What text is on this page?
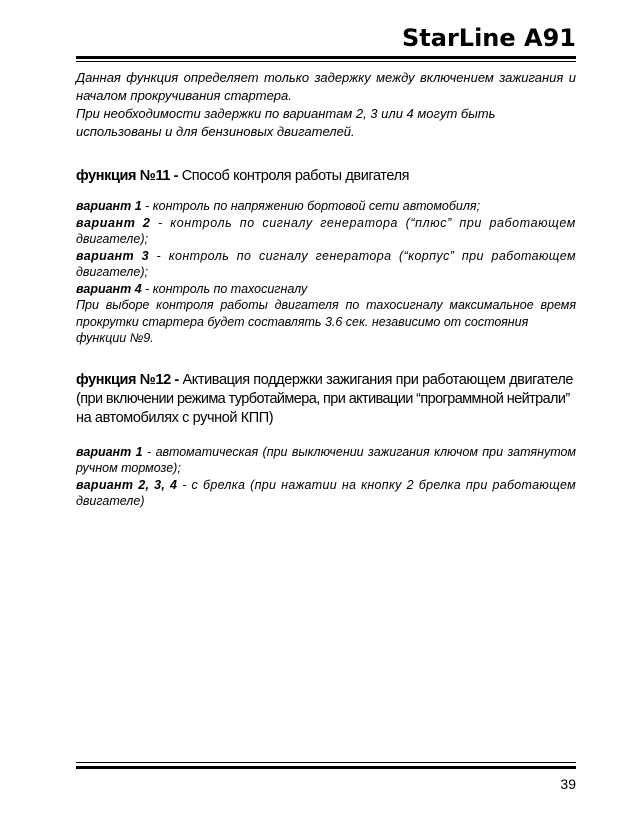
StarLine A91

Данная функция определяет только задержку между включением зажигания и

началом прокручивания стартера.

При необходимости задержки по вариантам 2, 3 или 4 могут быть

использованы и для бензиновых двигателей.

функция №11 - Способ контроля работы двигателя

вариант 1 - контроль по напряжению бортовой сети автомобиля;

вариант 2 - контроль по сигналу генератора (“плюс” при работающем

двигателе);

вариант 3 - контроль по сигналу генератора (“корпус” при работающем

двигателе);

вариант 4 - контроль по тахосигналу

При выборе контроля работы двигателя по тахосигналу максимальное время

прокрутки стартера будет составлять 3.6 сек. независимо от состояния

функции №9.

функция №12 - Активация поддержки зажигания при работающем двигателе
(при включении режима турботаймера, при активации “программной нейтрали”
на автомобилях с ручной КПП)

вариант 1 - автоматическая (при выключении зажигания ключом при затянутом

ручном тормозе);

вариант 2, 3, 4 - с брелка (при нажатии на кнопку 2 брелка при работающем

двигателе)

39
